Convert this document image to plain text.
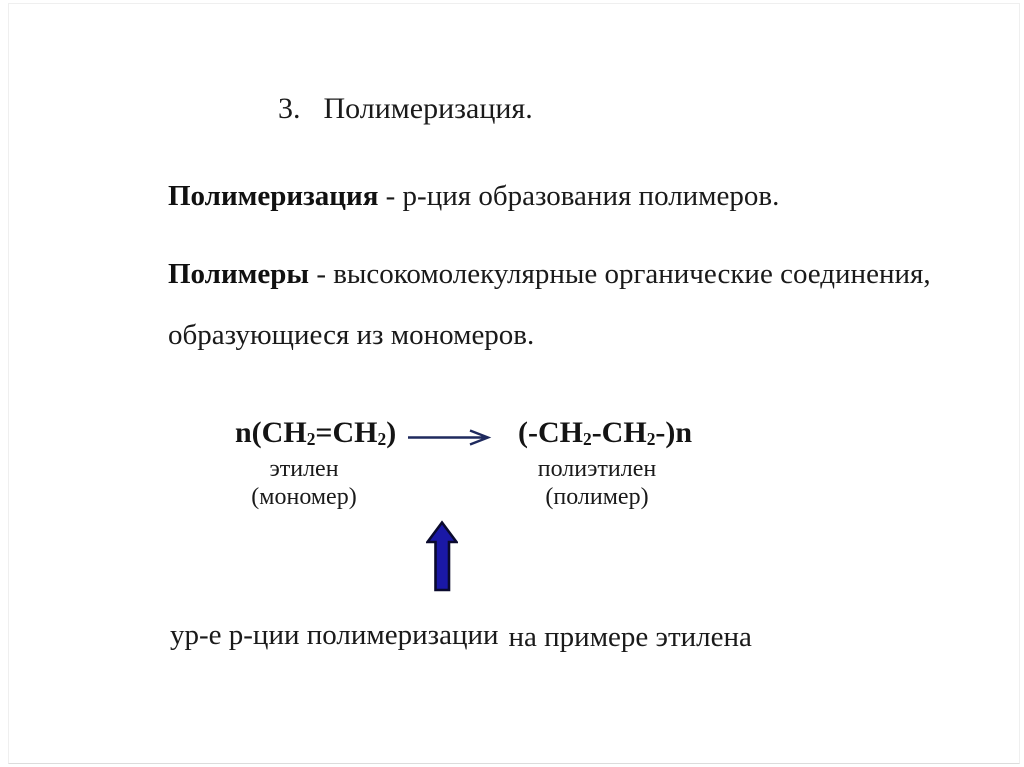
3. Полимеризация.
Полимеризация - р-ция образования полимеров.
Полимеры - высокомолекулярные органические соединения,
образующиеся из мономеров.
$n(CH_2=CH_2)$	$(-CH_2-CH_2-)n$
этилен
(мономер)
полиэтилен
(полимер)
ур-е р-ции полимеризации на примере этилена
